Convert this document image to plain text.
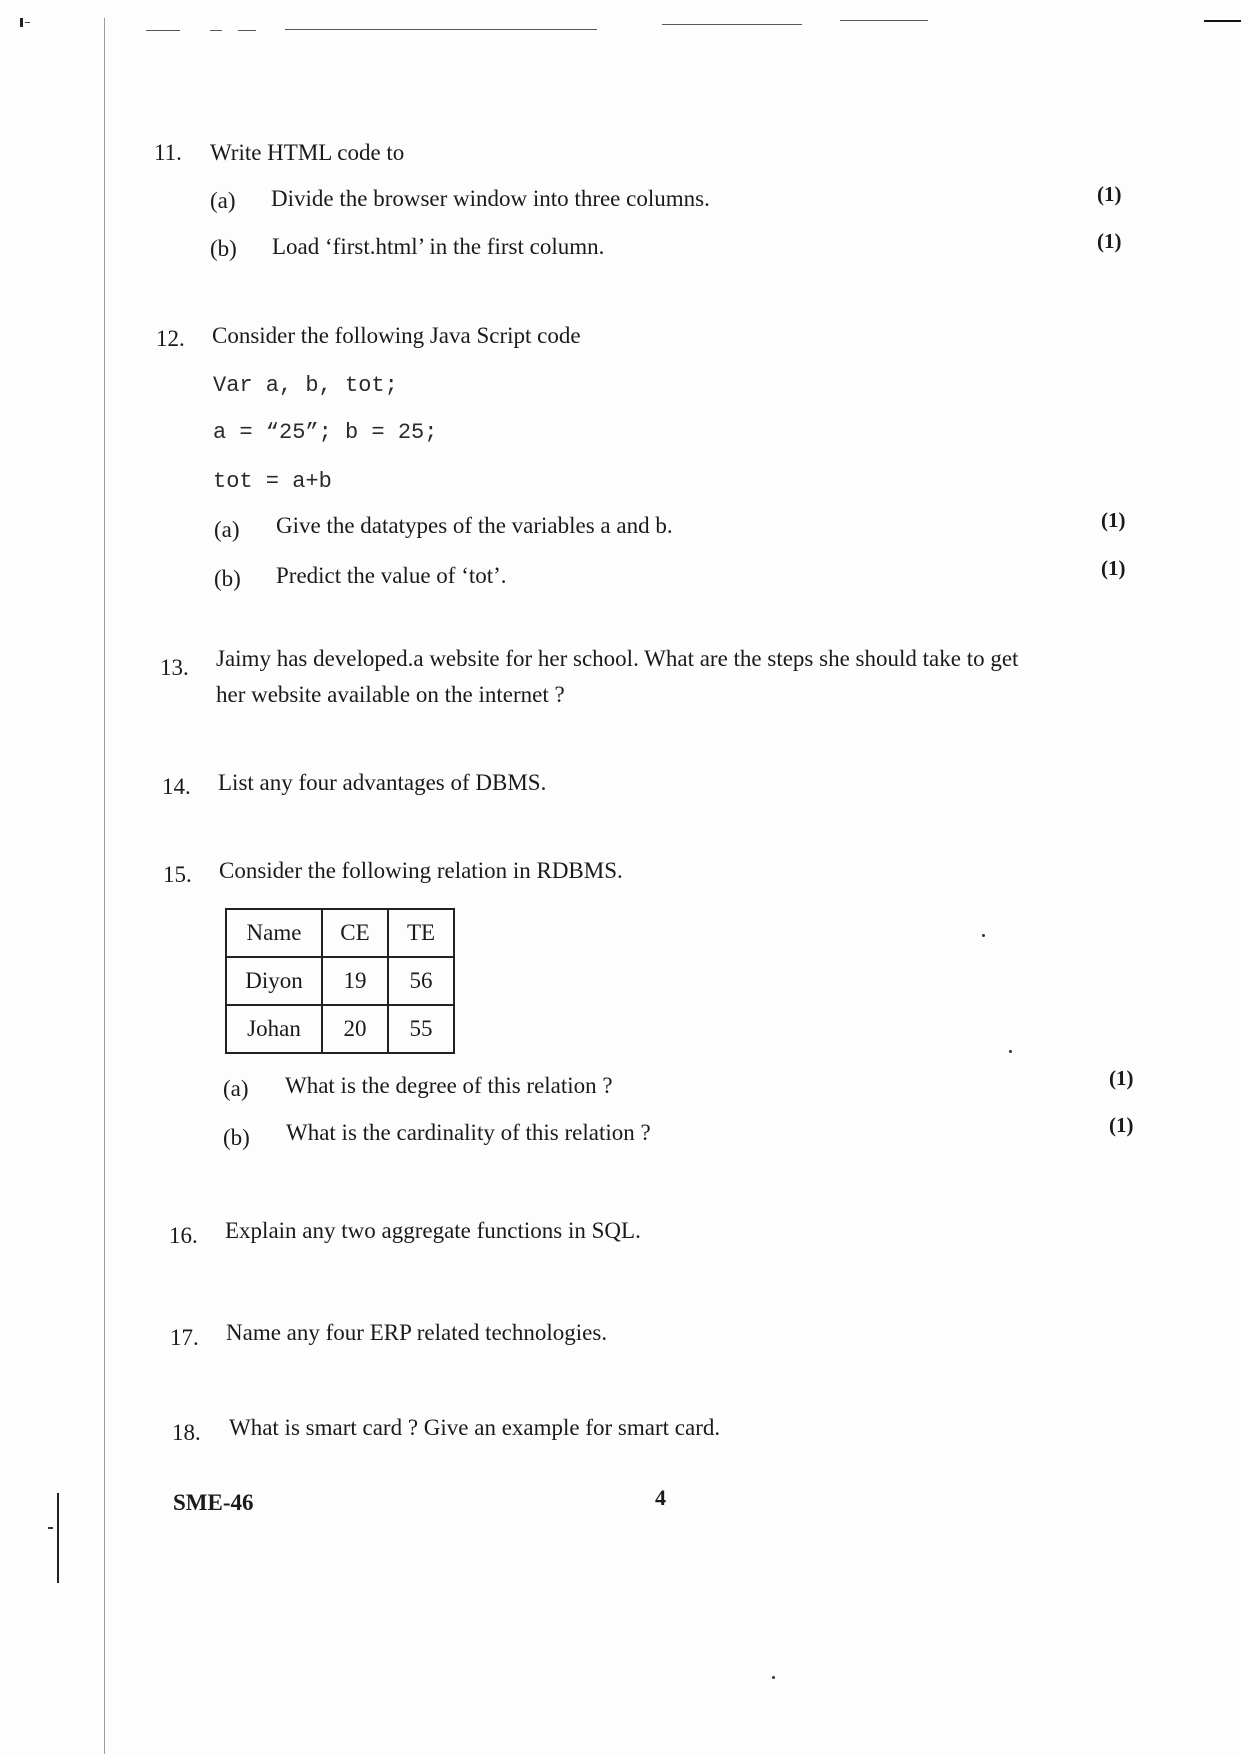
11. Write HTML code to
(a) Divide the browser window into three columns.	(1)
(b) Load ‘first.html’ in the first column.	(1)
12. Consider the following Java Script code
Var a, b, tot;
a = “25”; b = 25;
tot = a+b
(a) Give the datatypes of the variables a and b.	(1)
(b) Predict the value of ‘tot’.	(1)
13. Jaimy has developed.a website for her school. What are the steps she should take to get
her website available on the internet ?
14. List any four advantages of DBMS.
15. Consider the following relation in RDBMS.
Name	CE	TE
Diyon	19	56
Johan	20	55
(a) What is the degree of this relation ?	(1)
(b) What is the cardinality of this relation ?	(1)
16. Explain any two aggregate functions in SQL.
17. Name any four ERP related technologies.
18. What is smart card ? Give an example for smart card.
SME-46	4
